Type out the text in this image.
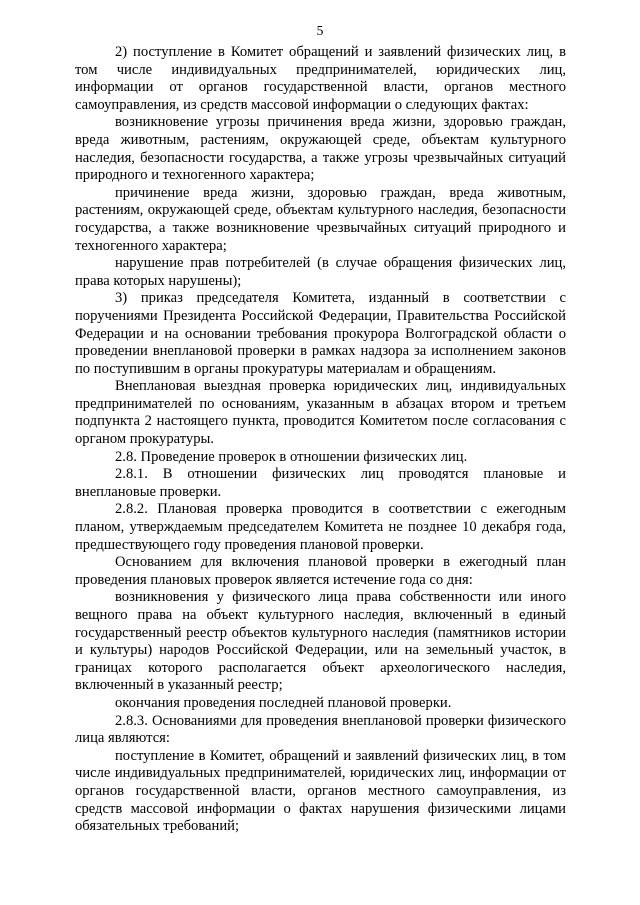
5

2) поступление в Комитет обращений и заявлений физических лиц, в том числе индивидуальных предпринимателей, юридических лиц, информации от органов государственной власти, органов местного самоуправления, из средств массовой информации о следующих фактах:

возникновение угрозы причинения вреда жизни, здоровью граждан, вреда животным, растениям, окружающей среде, объектам культурного наследия, безопасности государства, а также угрозы чрезвычайных ситуаций природного и техногенного характера;

причинение вреда жизни, здоровью граждан, вреда животным, растениям, окружающей среде, объектам культурного наследия, безопасности государства, а также возникновение чрезвычайных ситуаций природного и техногенного характера;

нарушение прав потребителей (в случае обращения физических лиц, права которых нарушены);

3) приказ председателя Комитета, изданный в соответствии с поручениями Президента Российской Федерации, Правительства Российской Федерации и на основании требования прокурора Волгоградской области о проведении внеплановой проверки в рамках надзора за исполнением законов по поступившим в органы прокуратуры материалам и обращениям.

Внеплановая выездная проверка юридических лиц, индивидуальных предпринимателей по основаниям, указанным в абзацах втором и третьем подпункта 2 настоящего пункта, проводится Комитетом после согласования с органом прокуратуры.

2.8. Проведение проверок в отношении физических лиц.

2.8.1. В отношении физических лиц проводятся плановые и внеплановые проверки.

2.8.2. Плановая проверка проводится в соответствии с ежегодным планом, утверждаемым председателем Комитета не позднее 10 декабря года, предшествующего году проведения плановой проверки.

Основанием для включения плановой проверки в ежегодный план проведения плановых проверок является истечение года со дня:

возникновения у физического лица права собственности или иного вещного права на объект культурного наследия, включенный в единый государственный реестр объектов культурного наследия (памятников истории и культуры) народов Российской Федерации, или на земельный участок, в границах которого располагается объект археологического наследия, включенный в указанный реестр;

окончания проведения последней плановой проверки.

2.8.3. Основаниями для проведения внеплановой проверки физического лица являются:

поступление в Комитет, обращений и заявлений физических лиц, в том числе индивидуальных предпринимателей, юридических лиц, информации от органов государственной власти, органов местного самоуправления, из средств массовой информации о фактах нарушения физическими лицами обязательных требований;
